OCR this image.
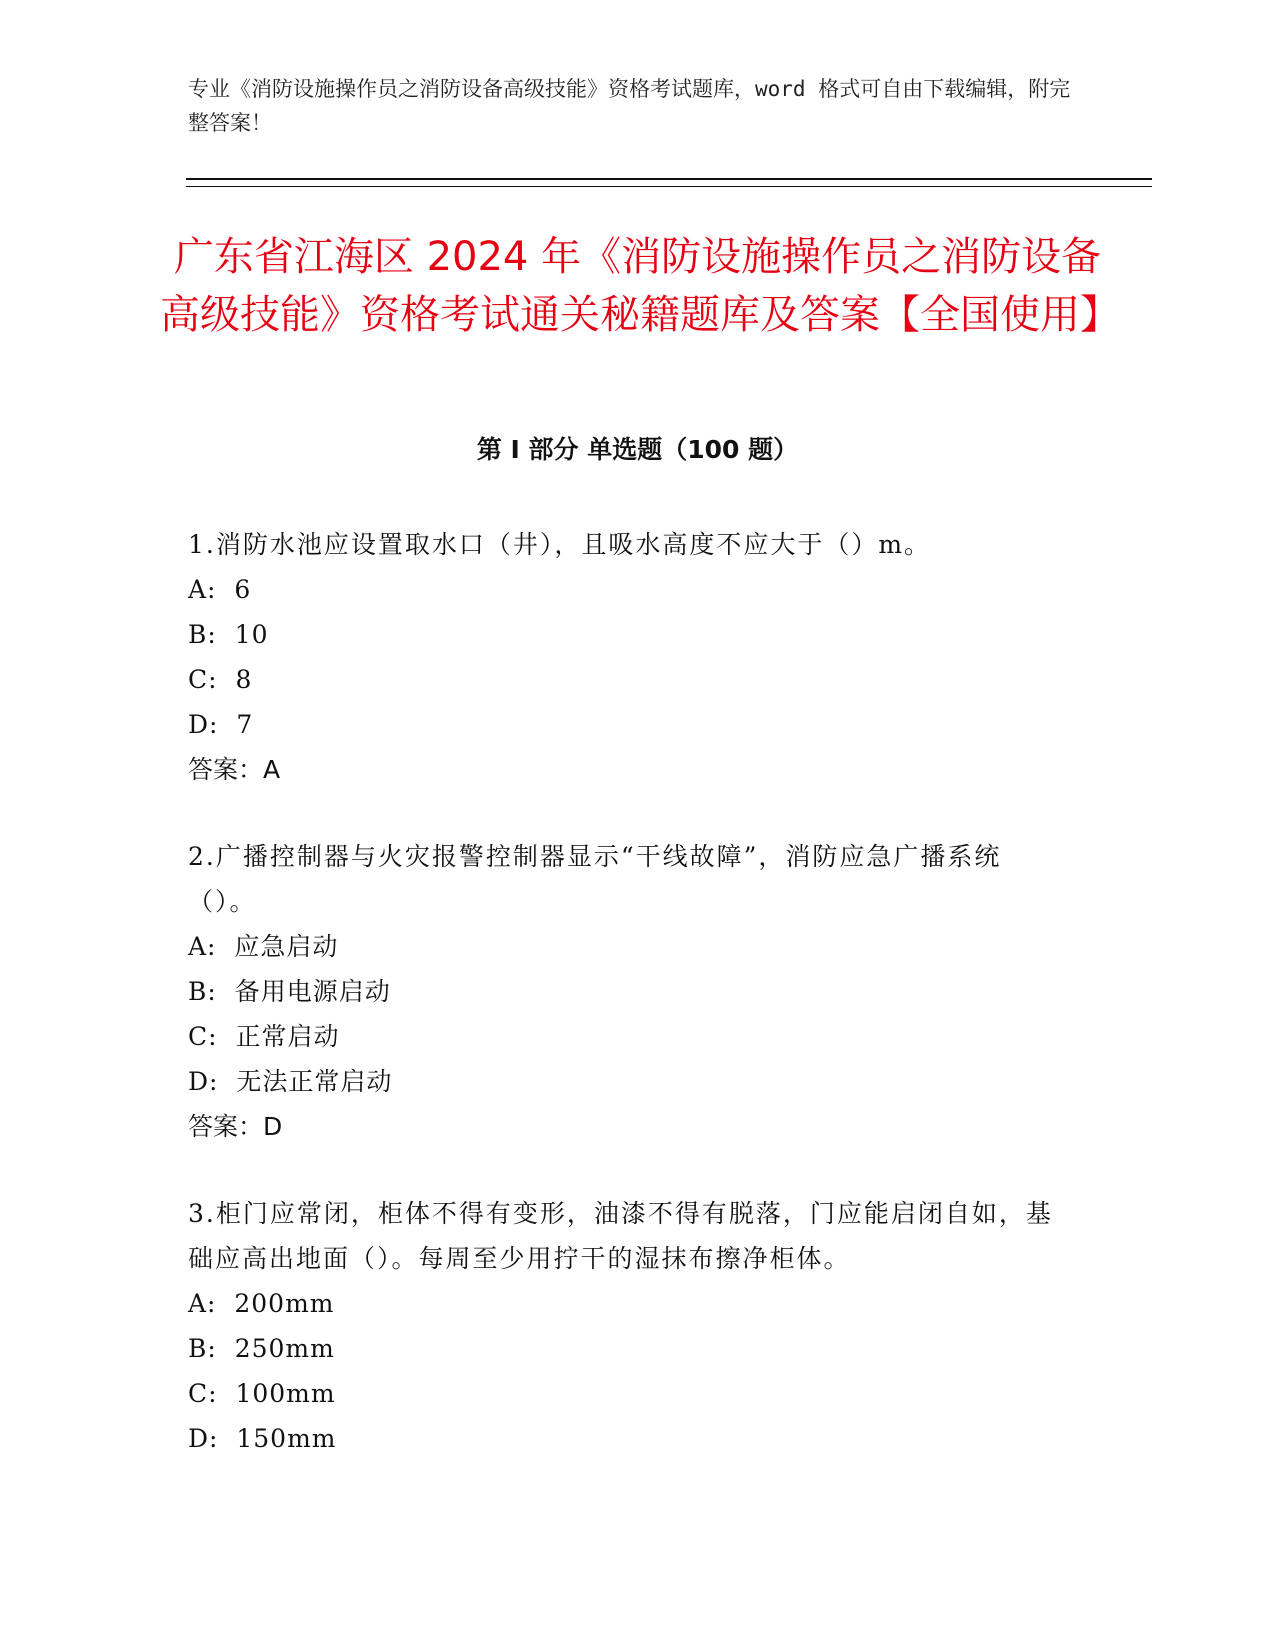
专业《消防设施操作员之消防设备高级技能》资格考试题库，word 格式可自由下载编辑，附完整答案！
广东省江海区 2024 年《消防设施操作员之消防设备高级技能》资格考试通关秘籍题库及答案【全国使用】
第 I 部分 单选题（100 题）
1.消防水池应设置取水口（井），且吸水高度不应大于（）m。
A:  6
B:  10
C:  8
D:  7
答案：A
2.广播控制器与火灾报警控制器显示“干线故障”，消防应急广播系统（）。
A:  应急启动
B:  备用电源启动
C:  正常启动
D:  无法正常启动
答案：D
3.柜门应常闭，柜体不得有变形，油漆不得有脱落，门应能启闭自如，基础应高出地面（）。每周至少用拧干的湿抹布擦净柜体。
A:  200mm
B:  250mm
C:  100mm
D:  150mm
